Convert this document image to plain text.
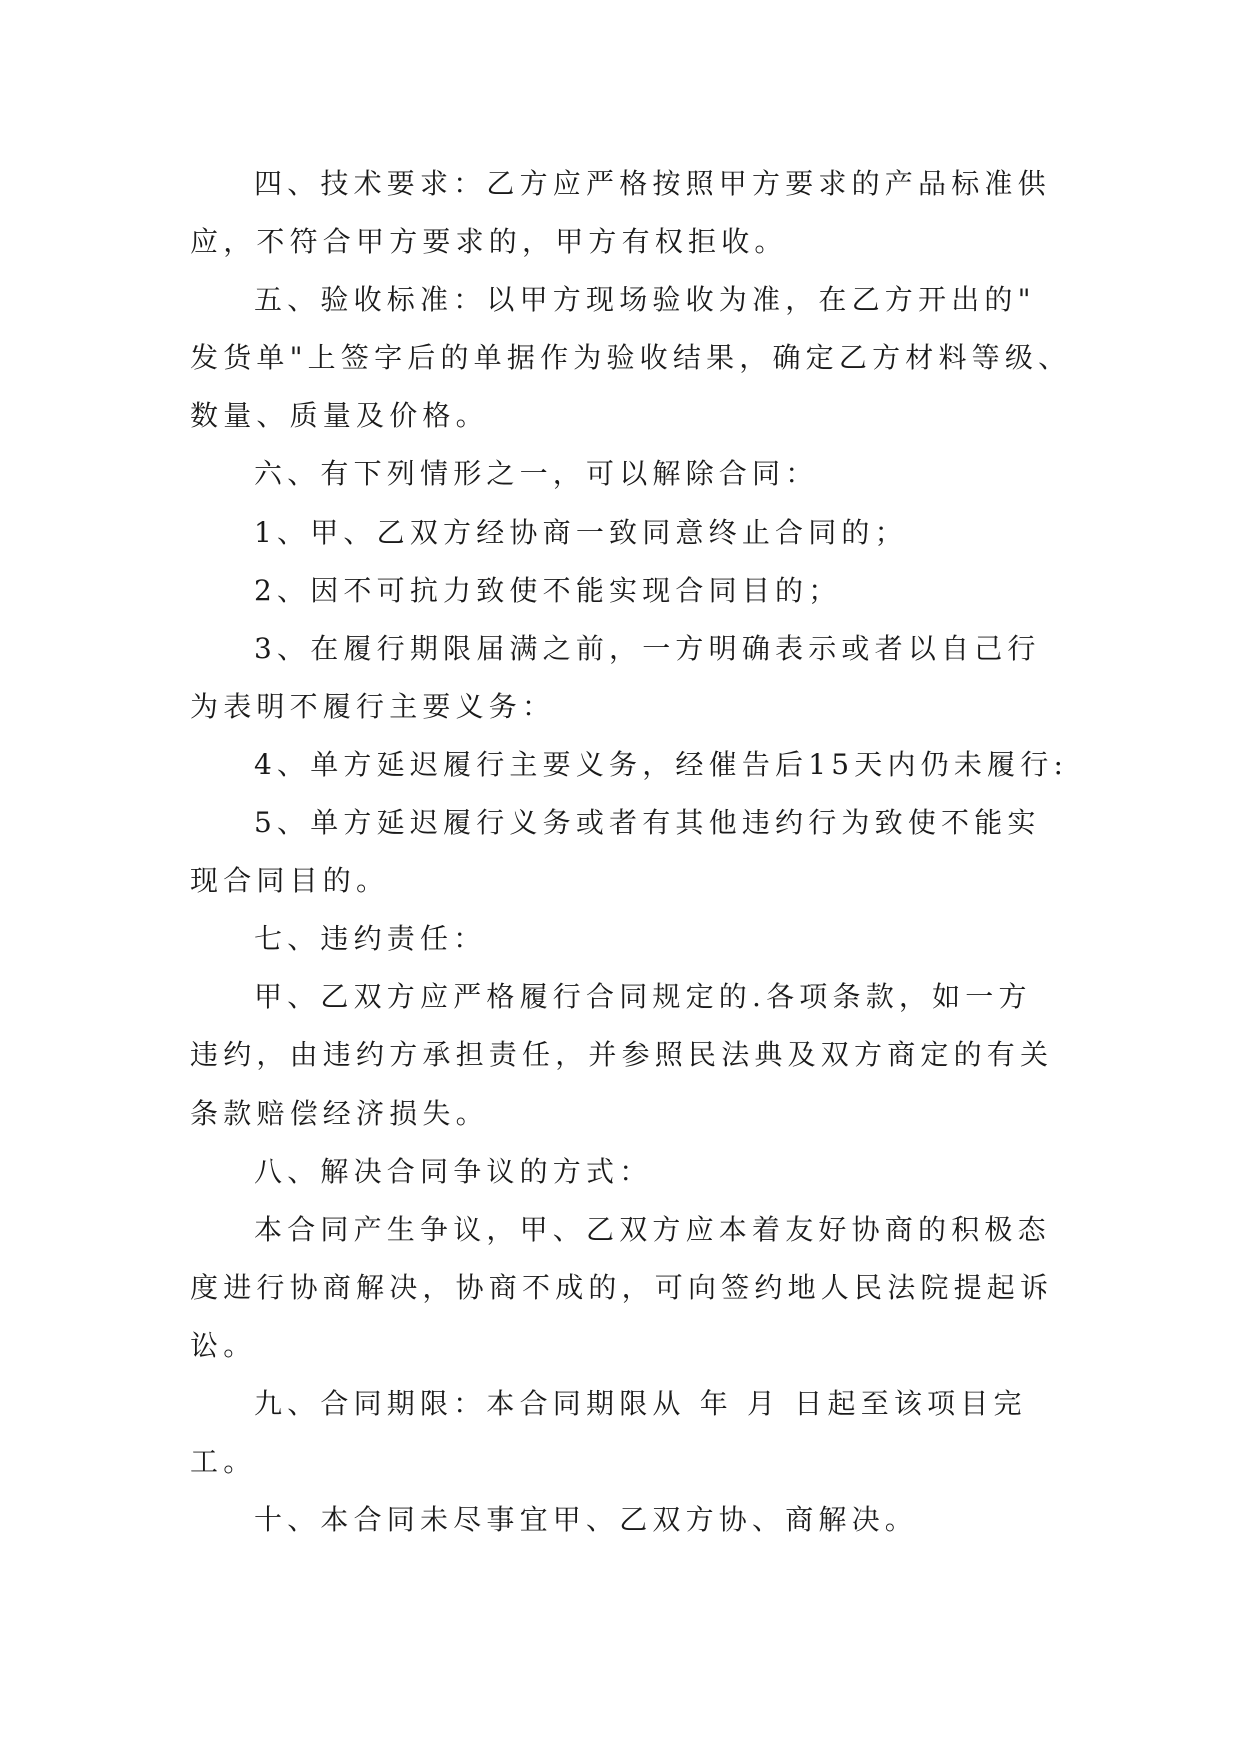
四、技术要求：乙方应严格按照甲方要求的产品标准供

应，不符合甲方要求的，甲方有权拒收。

五、验收标准：以甲方现场验收为准，在乙方开出的"

发货单"上签字后的单据作为验收结果，确定乙方材料等级、

数量、质量及价格。

六、有下列情形之一，可以解除合同：

1、甲、乙双方经协商一致同意终止合同的；

2、因不可抗力致使不能实现合同目的；

3、在履行期限届满之前，一方明确表示或者以自己行

为表明不履行主要义务：

4、单方延迟履行主要义务，经催告后15天内仍未履行:

5、单方延迟履行义务或者有其他违约行为致使不能实

现合同目的。

七、违约责任：

甲、乙双方应严格履行合同规定的.各项条款，如一方

违约，由违约方承担责任，并参照民法典及双方商定的有关

条款赔偿经济损失。

八、解决合同争议的方式：

本合同产生争议，甲、乙双方应本着友好协商的积极态

度进行协商解决，协商不成的，可向签约地人民法院提起诉

讼。

九、合同期限：本合同期限从 年 月 日起至该项目完

工。

十、本合同未尽事宜甲、乙双方协、商解决。
